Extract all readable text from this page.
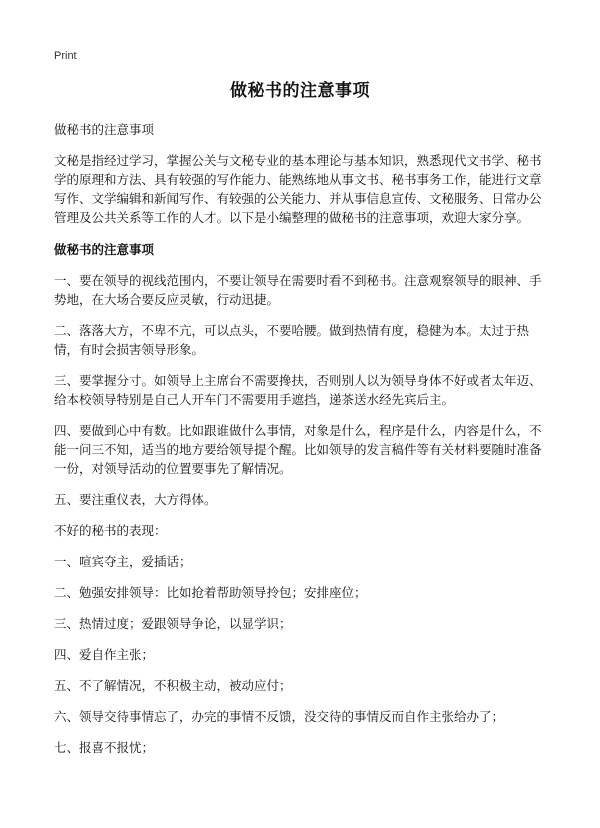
Print
做秘书的注意事项

做秘书的注意事项

文秘是指经过学习，掌握公关与文秘专业的基本理论与基本知识，熟悉现代文书学、秘书学的原理和方法、具有较强的写作能力、能熟练地从事文书、秘书事务工作，能进行文章写作、文学编辑和新闻写作、有较强的公关能力、并从事信息宣传、文秘服务、日常办公管理及公共关系等工作的人才。以下是小编整理的做秘书的注意事项，欢迎大家分享。

做秘书的注意事项

一、要在领导的视线范围内，不要让领导在需要时看不到秘书。注意观察领导的眼神、手势地，在大场合要反应灵敏，行动迅捷。

二、落落大方，不卑不亢，可以点头，不要哈腰。做到热情有度，稳健为本。太过于热情，有时会损害领导形象。

三、要掌握分寸。如领导上主席台不需要搀扶，否则别人以为领导身体不好或者太年迈、给本校领导特别是自己人开车门不需要用手遮挡，递茶送水经先宾后主。

四、要做到心中有数。比如跟谁做什么事情，对象是什么，程序是什么，内容是什么，不能一问三不知，适当的地方要给领导提个醒。比如领导的发言稿件等有关材料要随时准备一份，对领导活动的位置要事先了解情况。

五、要注重仪表，大方得体。

不好的秘书的表现：

一、喧宾夺主，爱插话；

二、勉强安排领导：比如抢着帮助领导拎包；安排座位；

三、热情过度；爱跟领导争论，以显学识；

四、爱自作主张；

五、不了解情况，不积极主动，被动应付；

六、领导交待事情忘了，办完的事情不反馈，没交待的事情反而自作主张给办了；

七、报喜不报忧；
